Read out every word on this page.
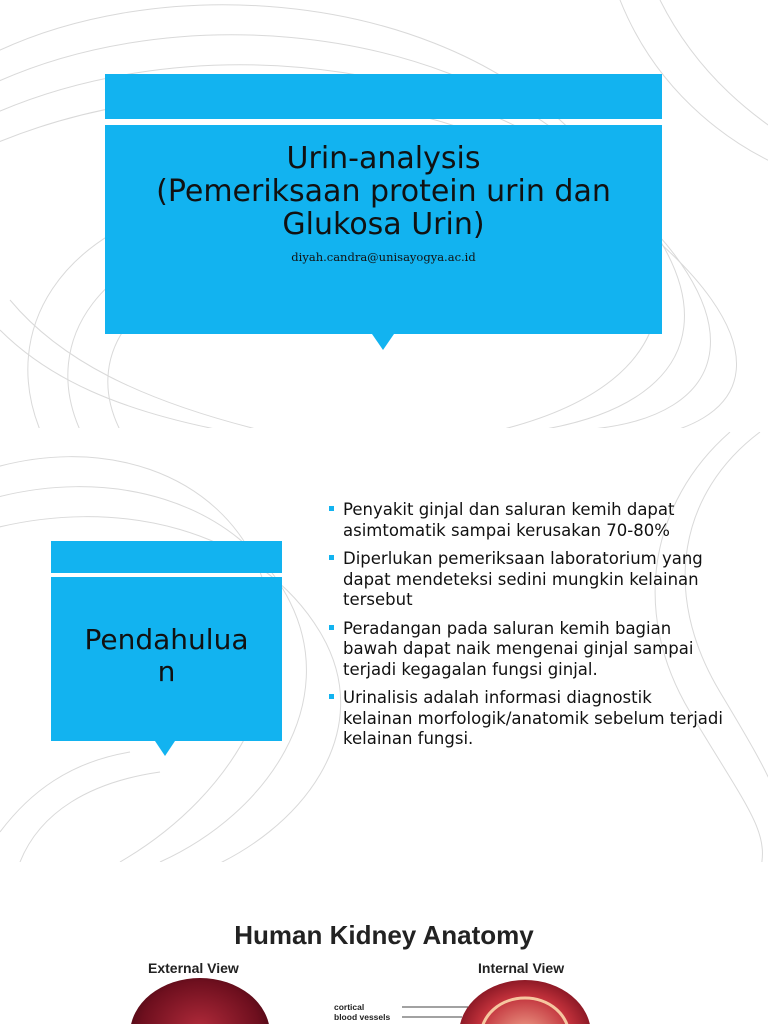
Urin-analysis
(Pemeriksaan protein urin dan
Glukosa Urin)
diyah.candra@unisayogya.ac.id
Pendahulua
n
Penyakit ginjal dan saluran kemih dapat asimtomatik sampai kerusakan 70-80%
Diperlukan pemeriksaan laboratorium yang dapat mendeteksi sedini mungkin kelainan tersebut
Peradangan pada saluran kemih bagian bawah dapat naik mengenai ginjal sampai terjadi kegagalan fungsi ginjal.
Urinalisis adalah informasi diagnostik kelainan morfologik/anatomik sebelum terjadi kelainan fungsi.
Human Kidney Anatomy
External View	Internal View
cortical
blood vessels
